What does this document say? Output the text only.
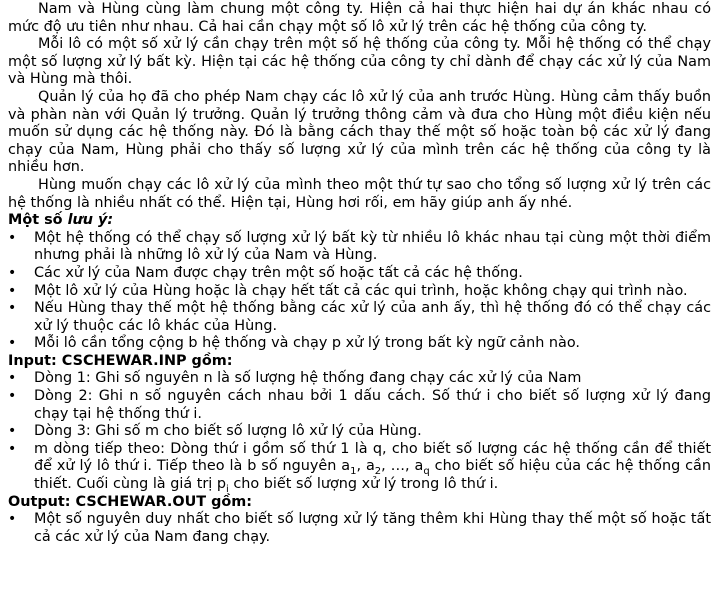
Nam và Hùng cùng làm chung một công ty. Hiện cả hai thực hiện hai dự án khác nhau có mức độ ưu tiên như nhau. Cả hai cần chạy một số lô xử lý trên các hệ thống của công ty.

Mỗi lô có một số xử lý cần chạy trên một số hệ thống của công ty. Mỗi hệ thống có thể chạy một số lượng xử lý bất kỳ. Hiện tại các hệ thống của công ty chỉ dành để chạy các xử lý của Nam và Hùng mà thôi.

Quản lý của họ đã cho phép Nam chạy các lô xử lý của anh trước Hùng. Hùng cảm thấy buồn và phàn nàn với Quản lý trưởng. Quản lý trưởng thông cảm và đưa cho Hùng một điều kiện nếu muốn sử dụng các hệ thống này. Đó là bằng cách thay thế một số hoặc toàn bộ các xử lý đang chạy của Nam, Hùng phải cho thấy số lượng xử lý của mình trên các hệ thống của công ty là nhiều hơn.

Hùng muốn chạy các lô xử lý của mình theo một thứ tự sao cho tổng số lượng xử lý trên các hệ thống là nhiều nhất có thể. Hiện tại, Hùng hơi rối, em hãy giúp anh ấy nhé.

Một số lưu ý:
• Một hệ thống có thể chạy số lượng xử lý bất kỳ từ nhiều lô khác nhau tại cùng một thời điểm nhưng phải là những lô xử lý của Nam và Hùng.
• Các xử lý của Nam được chạy trên một số hoặc tất cả các hệ thống.
• Một lô xử lý của Hùng hoặc là chạy hết tất cả các qui trình, hoặc không chạy qui trình nào.
• Nếu Hùng thay thế một hệ thống bằng các xử lý của anh ấy, thì hệ thống đó có thể chạy các xử lý thuộc các lô khác của Hùng.
• Mỗi lô cần tổng cộng b hệ thống và chạy p xử lý trong bất kỳ ngữ cảnh nào.
Input: CSCHEWAR.INP gồm:
• Dòng 1: Ghi số nguyên n là số lượng hệ thống đang chạy các xử lý của Nam
• Dòng 2: Ghi n số nguyên cách nhau bởi 1 dấu cách. Số thứ i cho biết số lượng xử lý đang chạy tại hệ thống thứ i.
• Dòng 3: Ghi số m cho biết số lượng lô xử lý của Hùng.
• m dòng tiếp theo: Dòng thứ i gồm số thứ 1 là q, cho biết số lượng các hệ thống cần để thiết để xử lý lô thứ i. Tiếp theo là b số nguyên $a_1$, $a_2$, …, $a_q$ cho biết số hiệu của các hệ thống cần thiết. Cuối cùng là giá trị $p_i$ cho biết số lượng xử lý trong lô thứ i.
Output: CSCHEWAR.OUT gồm:
• Một số nguyên duy nhất cho biết số lượng xử lý tăng thêm khi Hùng thay thế một số hoặc tất cả các xử lý của Nam đang chạy.
